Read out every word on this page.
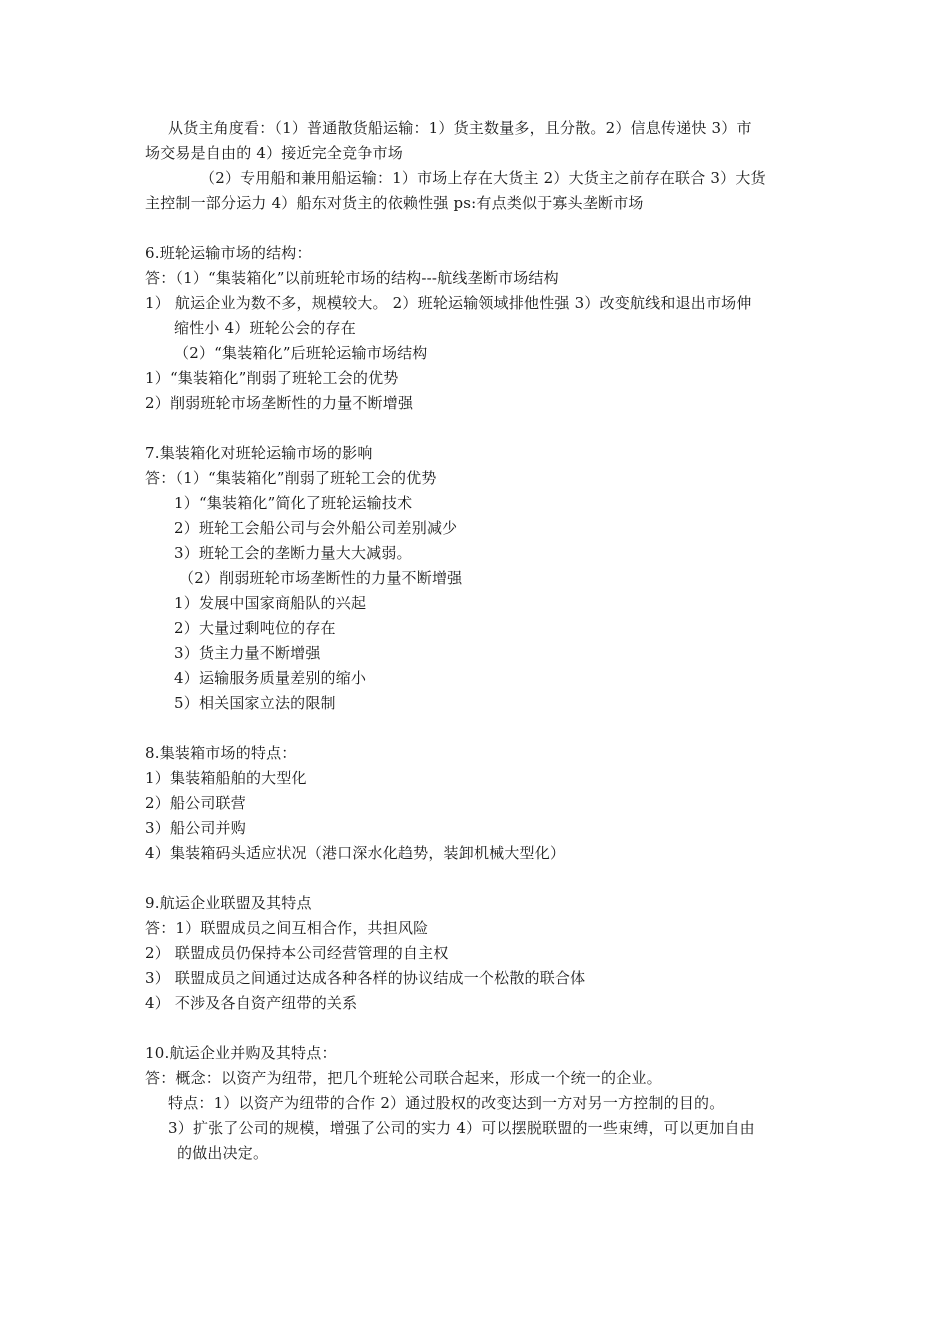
从货主角度看：（1）普通散货船运输：1）货主数量多，且分散。2）信息传递快 3）市
场交易是自由的 4）接近完全竞争市场
（2）专用船和兼用船运输：1）市场上存在大货主 2）大货主之前存在联合 3）大货
主控制一部分运力 4）船东对货主的依赖性强 ps:有点类似于寡头垄断市场
6.班轮运输市场的结构：
答：（1）“集装箱化”以前班轮市场的结构---航线垄断市场结构
1） 航运企业为数不多，规模较大。 2）班轮运输领域排他性强 3）改变航线和退出市场伸
缩性小 4）班轮公会的存在
（2）“集装箱化”后班轮运输市场结构
1）“集装箱化”削弱了班轮工会的优势
2）削弱班轮市场垄断性的力量不断增强
7.集装箱化对班轮运输市场的影响
答：（1）“集装箱化”削弱了班轮工会的优势
1）“集装箱化”简化了班轮运输技术
2）班轮工会船公司与会外船公司差别减少
3）班轮工会的垄断力量大大减弱。
（2）削弱班轮市场垄断性的力量不断增强
1）发展中国家商船队的兴起
2）大量过剩吨位的存在
3）货主力量不断增强
4）运输服务质量差别的缩小
5）相关国家立法的限制
8.集装箱市场的特点：
1）集装箱船舶的大型化
2）船公司联营
3）船公司并购
4）集装箱码头适应状况（港口深水化趋势，装卸机械大型化）
9.航运企业联盟及其特点
答：1）联盟成员之间互相合作，共担风险
2） 联盟成员仍保持本公司经营管理的自主权
3） 联盟成员之间通过达成各种各样的协议结成一个松散的联合体
4） 不涉及各自资产纽带的关系
10.航运企业并购及其特点：
答：概念：以资产为纽带，把几个班轮公司联合起来，形成一个统一的企业。
特点：1）以资产为纽带的合作 2）通过股权的改变达到一方对另一方控制的目的。
3）扩张了公司的规模，增强了公司的实力 4）可以摆脱联盟的一些束缚，可以更加自由
的做出决定。
